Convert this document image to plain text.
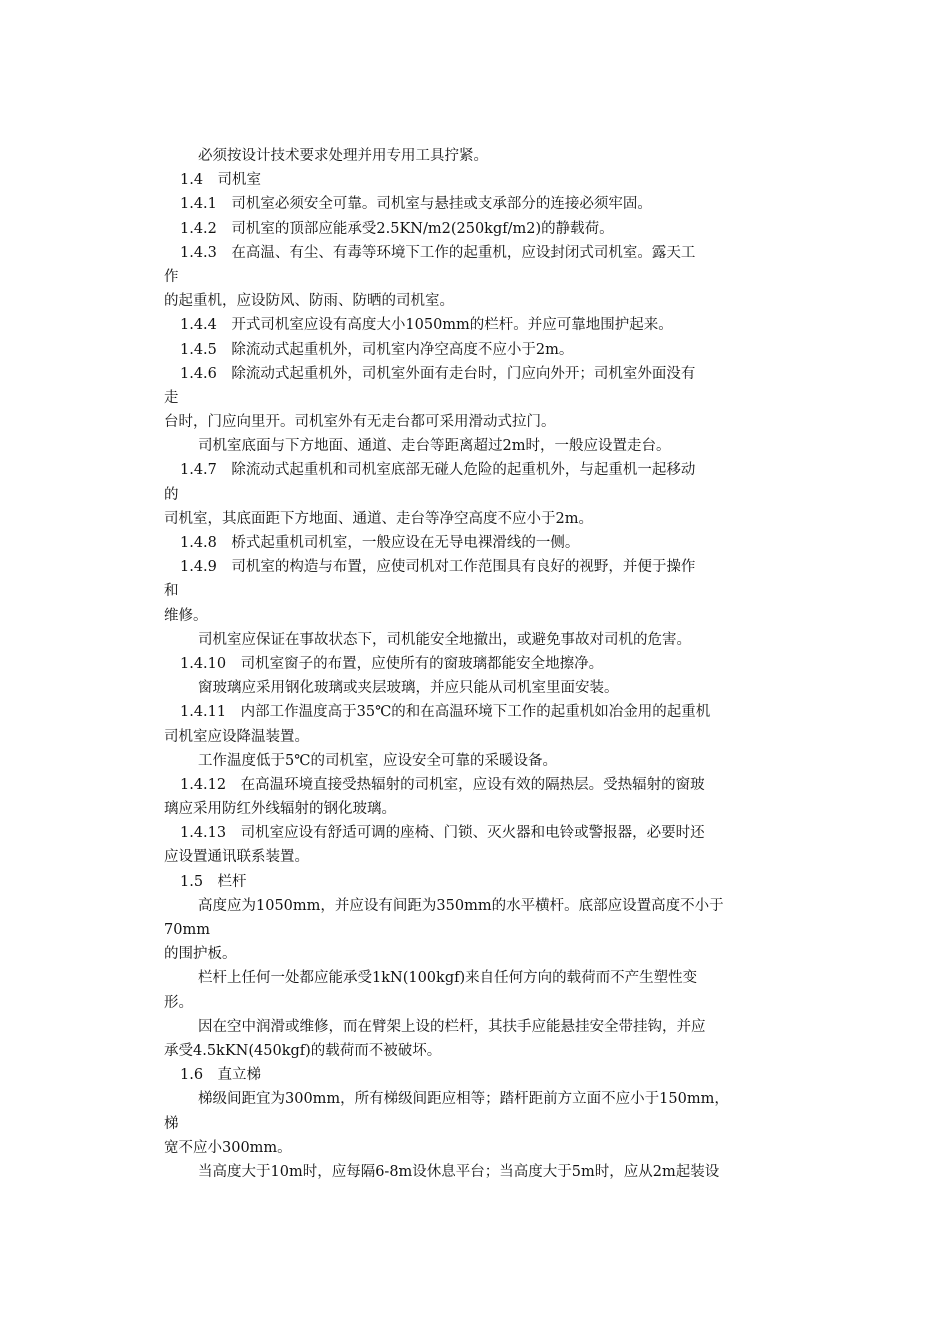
必须按设计技术要求处理并用专用工具拧紧。
1.4　司机室
1.4.1　司机室必须安全可靠。司机室与悬挂或支承部分的连接必须牢固。
1.4.2　司机室的顶部应能承受2.5KN/m2(250kgf/m2)的静载荷。
1.4.3　在高温、有尘、有毒等环境下工作的起重机，应设封闭式司机室。露天工
作
的起重机，应设防风、防雨、防晒的司机室。
1.4.4　开式司机室应设有高度大小1050mm的栏杆。并应可靠地围护起来。
1.4.5　除流动式起重机外，司机室内净空高度不应小于2m。
1.4.6　除流动式起重机外，司机室外面有走台时，门应向外开；司机室外面没有
走
台时，门应向里开。司机室外有无走台都可采用滑动式拉门。
司机室底面与下方地面、通道、走台等距离超过2m时，一般应设置走台。
1.4.7　除流动式起重机和司机室底部无碰人危险的起重机外，与起重机一起移动
的
司机室，其底面距下方地面、通道、走台等净空高度不应小于2m。
1.4.8　桥式起重机司机室，一般应设在无导电裸滑线的一侧。
1.4.9　司机室的构造与布置，应使司机对工作范围具有良好的视野，并便于操作
和
维修。
司机室应保证在事故状态下，司机能安全地撤出，或避免事故对司机的危害。
1.4.10　司机室窗子的布置，应使所有的窗玻璃都能安全地擦净。
窗玻璃应采用钢化玻璃或夹层玻璃，并应只能从司机室里面安装。
1.4.11　内部工作温度高于35℃的和在高温环境下工作的起重机如冶金用的起重机
司机室应设降温装置。
工作温度低于5℃的司机室，应设安全可靠的采暖设备。
1.4.12　在高温环境直接受热辐射的司机室，应设有效的隔热层。受热辐射的窗玻
璃应采用防红外线辐射的钢化玻璃。
1.4.13　司机室应设有舒适可调的座椅、门锁、灭火器和电铃或警报器，必要时还
应设置通讯联系装置。
1.5　栏杆
高度应为1050mm，并应设有间距为350mm的水平横杆。底部应设置高度不小于
70mm
的围护板。
栏杆上任何一处都应能承受1kN(100kgf)来自任何方向的载荷而不产生塑性变
形。
因在空中润滑或维修，而在臂架上设的栏杆，其扶手应能悬挂安全带挂钩，并应
承受4.5kKN(450kgf)的载荷而不被破坏。
1.6　直立梯
梯级间距宜为300mm，所有梯级间距应相等；踏杆距前方立面不应小于150mm，
梯
宽不应小300mm。
当高度大于10m时，应每隔6-8m设休息平台；当高度大于5m时，应从2m起装设
